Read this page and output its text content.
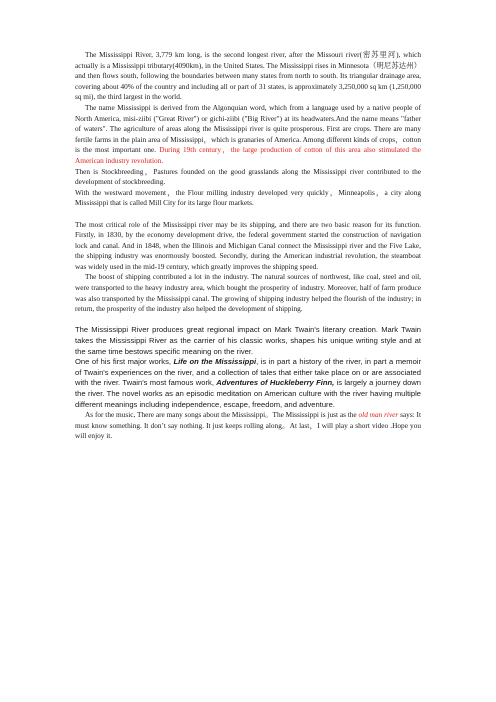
The Mississippi River, 3,779 km long, is the second longest river, after the Missouri river(密苏里河), which actually is a Mississippi tributary(4090km), in the United States. The Mississippi rises in Minnesota（明尼苏达州）and then flows south, following the boundaries between many states from north to south. Its triangular drainage area, covering about 40% of the country and including all or part of 31 states, is approximately 3,250,000 sq km (1,250,000 sq mi), the third largest in the world.

The name Mississippi is derived from the Algonquian word, which from a language used by a native people of North America, misi-ziibi ("Great River") or gichi-ziibi ("Big River") at its headwaters.And the name means "father of waters". The agriculture of areas along the Mississippi river is quite prosperous. First are crops. There are many fertile farms in the plain area of Mississippi，which is granaries of America. Among different kinds of crops，cotton is the most important one. During 19th century，the large production of cotton of this area also stimulated the American industry revolution.

Then is Stockbreeding，Pastures founded on the good grasslands along the Mississippi river contributed to the development of stockbreeding.

With the westward movement，the Flour milling industry developed very quickly，Minneapolis，a city along Mississippi that is called Mill City for its large flour markets.

The most critical role of the Mississippi river may be its shipping, and there are two basic reason for its function. Firstly, in 1830, by the economy development drive, the federal government started the construction of navigation lock and canal. And in 1848, when the Illinois and Michigan Canal connect the Mississippi river and the Five Lake, the shipping industry was enormously boosted. Secondly, during the American industrial revolution, the steamboat was widely used in the mid-19 century, which greatly improves the shipping speed.

The boost of shipping contributed a lot in the industry. The natural sources of northwest, like coal, steel and oil, were transported to the heavy industry area, which bought the prosperity of industry. Moreover, half of farm produce was also transported by the Mississippi canal. The growing of shipping industry helped the flourish of the industry; in return, the prosperity of the industry also helped the development of shipping.

The Mississippi River produces great regional impact on Mark Twain's literary creation. Mark Twain takes the Mississippi River as the carrier of his classic works, shapes his unique writing style and at the same time bestows specific meaning on the river.

One of his first major works, Life on the Mississippi, is in part a history of the river, in part a memoir of Twain's experiences on the river, and a collection of tales that either take place on or are associated with the river. Twain's most famous work, Adventures of Huckleberry Finn, is largely a journey down the river. The novel works as an episodic meditation on American culture with the river having multiple different meanings including independence, escape, freedom, and adventure.

As for the music, There are many songs about the Mississippi。The Mississippi is just as the old man river says: It must know something. It don’t say nothing. It just keeps rolling along。At last，I will play a short video .Hope you will enjoy it.
